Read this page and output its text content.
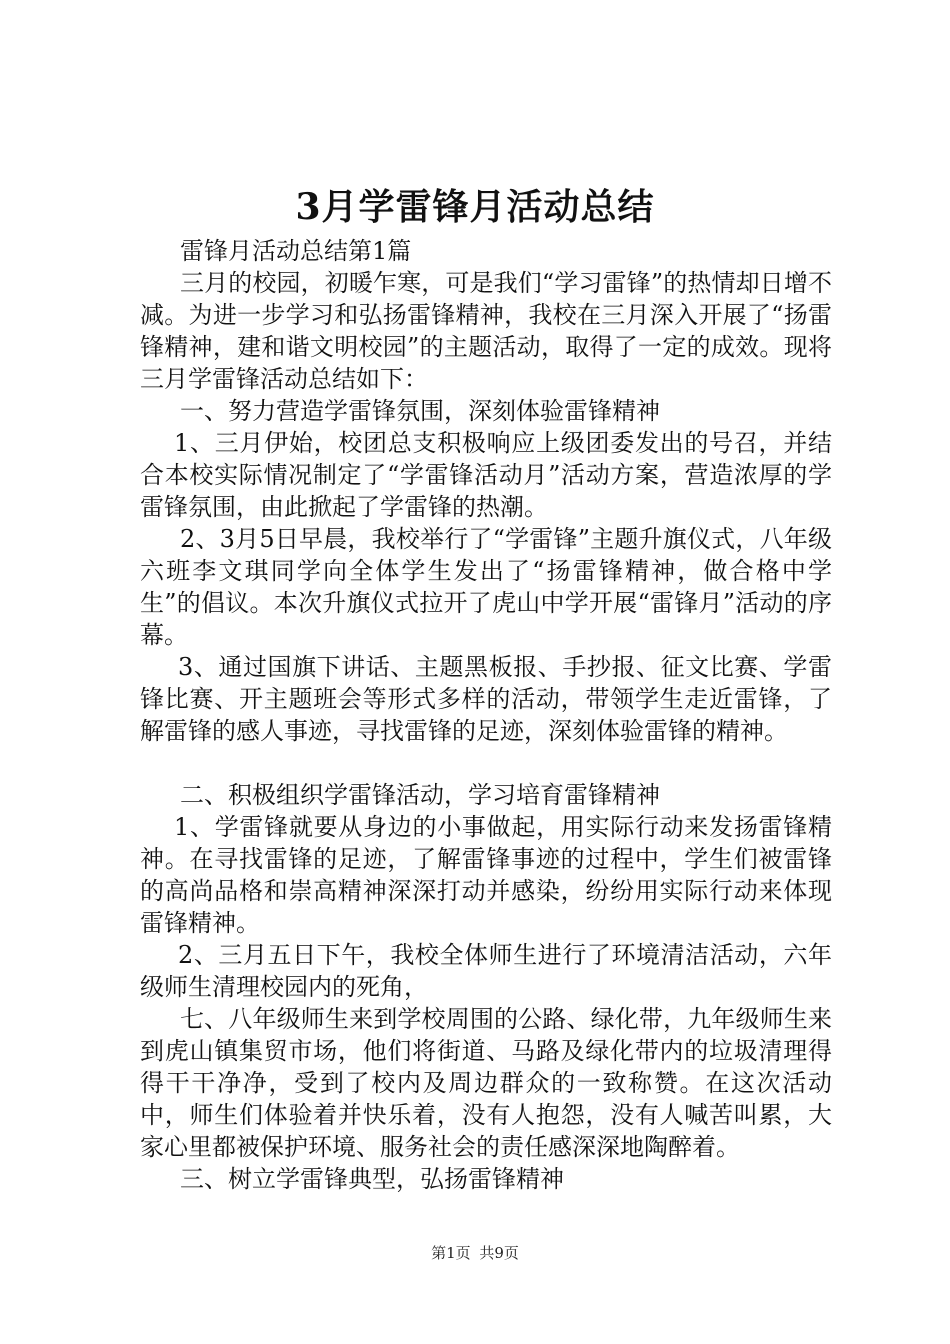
3月学雷锋月活动总结

雷锋月活动总结第1篇

三月的校园，初暖乍寒，可是我们“学习雷锋”的热情却日增不减。为进一步学习和弘扬雷锋精神，我校在三月深入开展了“扬雷锋精神，建和谐文明校园”的主题活动，取得了一定的成效。现将三月学雷锋活动总结如下：

一、努力营造学雷锋氛围，深刻体验雷锋精神

1、三月伊始，校团总支积极响应上级团委发出的号召，并结合本校实际情况制定了“学雷锋活动月”活动方案，营造浓厚的学雷锋氛围，由此掀起了学雷锋的热潮。

2、3月5日早晨，我校举行了“学雷锋”主题升旗仪式，八年级六班李文琪同学向全体学生发出了“扬雷锋精神，做合格中学生”的倡议。本次升旗仪式拉开了虎山中学开展“雷锋月”活动的序幕。

3、通过国旗下讲话、主题黑板报、手抄报、征文比赛、学雷锋比赛、开主题班会等形式多样的活动，带领学生走近雷锋，了解雷锋的感人事迹，寻找雷锋的足迹，深刻体验雷锋的精神。

二、积极组织学雷锋活动，学习培育雷锋精神

1、学雷锋就要从身边的小事做起，用实际行动来发扬雷锋精神。在寻找雷锋的足迹，了解雷锋事迹的过程中，学生们被雷锋的高尚品格和崇高精神深深打动并感染，纷纷用实际行动来体现雷锋精神。

2、三月五日下午，我校全体师生进行了环境清洁活动，六年级师生清理校园内的死角，

七、八年级师生来到学校周围的公路、绿化带，九年级师生来到虎山镇集贸市场，他们将街道、马路及绿化带内的垃圾清理得得干干净净，受到了校内及周边群众的一致称赞。在这次活动中，师生们体验着并快乐着，没有人抱怨，没有人喊苦叫累，大家心里都被保护环境、服务社会的责任感深深地陶醉着。

三、树立学雷锋典型，弘扬雷锋精神

第1页 共9页
